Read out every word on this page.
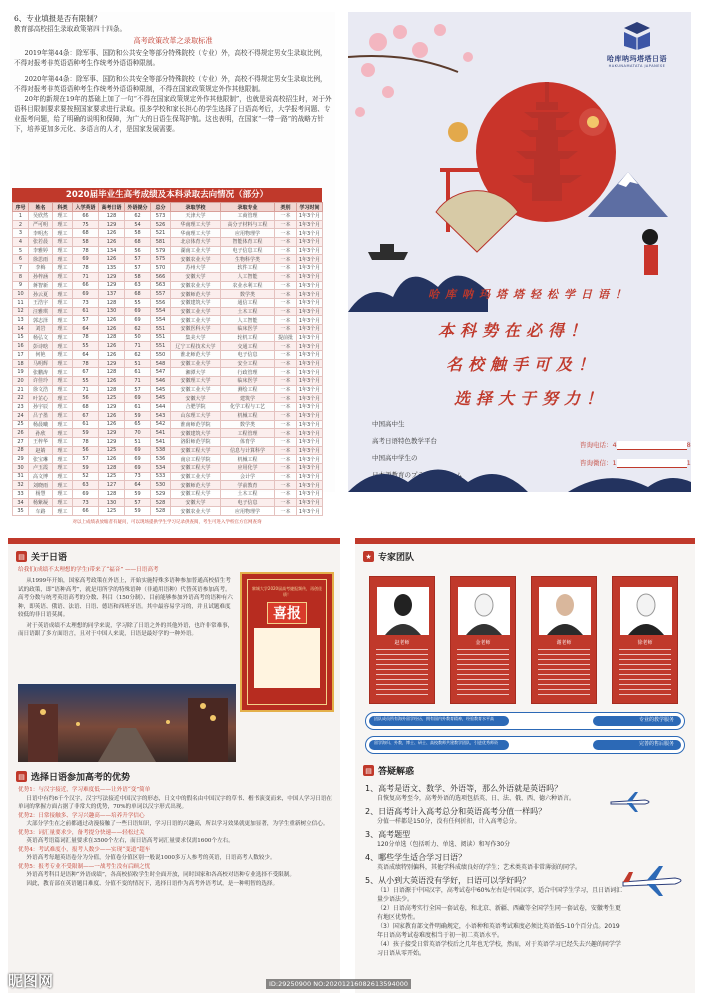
6、专业填报是否有限制？
教育部高校招生录取政策第四十四条。
高考政策改革之录取标准

2019年第44条：除军事、国防和公共安全等部分特殊院校（专业）外，高校不得规定男女生录取比例，不得对报考非英语语种考生作统考外语语种限制。

2020年第44条：除军事、国防和公共安全等部分特殊院校（专业）外，高校不得规定男女生录取比例，不得对报考非英语语种考生作统考外语语种限制，不得在国家政策规定外作其他限制。

20年的新规在19年的基础上加了一句“不得在国家政策规定外作其他限制”，也就是说高校招生时，对于外语科目限制要求要按照国家要求进行录取。很多学校和家长担心的学生选择了日语高考后，大学报考问题、专业报考问题，给了明确的说明和保障，为广大的日语生保驾护航。这也表明，在国家“一带一路”的战略方针下，培养更加多元化、多语言的人才，是国家发展需要。

2020届毕业生高考成绩及本科录取去向情况（部分）
序号	姓名	科类	入学英语	高考日语	外语提分	总分	录取学校	录取专业	类别	学习时间
1	吴欣然	理工	66	128	62	573	天津大学	工商管理	一本	1年3个月
2	严可明	理工	75	129	54	526	华南理工大学	高分子材料与工程	一本	1年3个月
3	李明杰	理工	68	126	58	521	华南理工大学	应用物理学	一本	1年3个月
4	张若晨	理工	58	126	68	581	北京体育大学	智能体育工程	一本	1年3个月
5	李雅婷	理工	78	134	56	579	湖南工业大学	电子信息工程	一本	1年3个月
6	徐思雨	理工	69	126	57	575	安徽农业大学	生物科学类	一本	1年3个月
7	李梅	理工	78	135	57	570	苏州大学	软件工程	一本	1年3个月
8	孙梓涵	理工	71	129	58	566	安徽大学	人工智能	一本	1年3个月
9	蒋智新	理工	66	129	63	563	安徽农业大学	农业水利工程	一本	1年3个月
10	孙云夏	理工	69	137	68	557	安徽师范大学	数学类	一本	1年3个月
11	王浩宇	理工	73	128	55	556	安徽建筑大学	通信工程	一本	1年3个月
12	汪雅琪	理工	61	130	69	554	安徽工业大学	土木工程	一本	1年3个月
13	郭志泽	理工	57	126	69	554	安徽工业大学	人工智能	一本	1年3个月
14	刘岩	理工	64	126	62	551	安徽医科大学	临床医学	一本	1年3个月
15	杨弘文	理工	78	128	50	551	集美大学	轮机工程	提前批	1年3个月
16	彭诗晗	理工	55	126	71	551	辽宁工程技术大学	交通工程	一本	1年3个月
17	何艳	理工	64	126	62	550	淮北师范大学	电子信息	一本	1年3个月
18	马明辉	理工	78	129	51	548	安徽工业大学	安全工程	一本	1年3个月
19	张鹏涛	理工	67	128	61	547	湘潭大学	行政管理	一本	1年3个月
20	许佳玲	理工	55	126	71	546	安徽理工大学	临床医学	一本	1年3个月
21	徐文浩	理工	71	128	57	545	安徽工业大学	测绘工程	一本	1年3个月
22	叶芷心	理工	56	125	69	545	安徽大学	建筑学	一本	1年3个月
23	孙宇辰	理工	68	129	61	544	合肥学院	化学工程与工艺	一本	1年3个月
24	吕子墨	理工	67	126	59	543	山东理工大学	机械工程	一本	1年3个月
25	杨晨曦	理工	61	126	65	542	淮南师范学院	数学类	一本	1年3个月
26	孙欣	理工	59	129	70	541	安徽建筑大学	工程管理	一本	1年3个月
27	王梓华	理工	78	129	51	541	洛阳师范学院	体育学	一本	1年3个月
28	赵婧	理工	56	125	69	538	安徽工程大学	信息与计算科学	一本	1年3个月
29	张宝琳	理工	57	126	69	536	南京工程学院	机械工程	一本	1年3个月
30	卢玉霞	理工	59	128	69	534	安徽工程大学	应用化学	一本	1年3个月
31	高文博	理工	52	125	73	533	安徽工业大学	会计学	一本	1年3个月
32	刘晓雨	理工	63	127	64	530	安徽师范大学	学前教育	一本	1年3个月
33	杨慧	理工	69	128	59	529	安徽工程大学	土木工程	一本	1年3个月
34	杨紫凝	理工	73	130	57	528	安徽大学	电子信息	一本	1年3个月
35	车路	理工	66	125	59	528	安徽农业大学	应用物理学	一本	1年3个月
对以上成绩表放缩者有疑问，可以现场提供学生学习记录供查阅，考生可进入学校官方官网查询
哈库呐玛塔塔日语
HAKUNAMATATA JAPANESE
哈库呐玛塔塔轻松学日语！
本科势在必得！
名校触手可及！
选择大于努力！
中国高中生
高考日语特色教学平台
中国高中学生の
日本語教育のプラットフォーム
咨询电话：4	8
咨询微信：1	1
▤ 关于日语
给我们(成绩不太理想的学生)带来了“福音” ——日语高考

从1999年开始，国家高考政策在外语上，开始实施特殊多语种参加普通高校招生考试的政策，即“语种高考”，就是用所学的特殊语种（非通用语种）代替英语参加高考。高考分数与统考英语高考的分数、科目（150分制）、目前能够参加外语高考的语种有六种，即英语、俄语、法语、日语、德语和西班牙语。其中最容易学习的，并且试题难度较低的非日语莫属。

对于英语成绩不太理想的同学来说，学习除了日语之外的其他外语，也许非常难事，而日语跟了多方面语言，且对于中国人来说，日语是最好学的一种外语。

黎城大学2020届高考捷报频传，再创佳绩！
喜报
▤ 选择日语参加高考的优势
优势1：与汉字接近，学习难度低——让外语“变”简单

日语中有约6千个汉字，汉字写法接近中国汉字的形态，日文中的假名由中国汉字的草书、楷书演变而来，中国人学习日语在单词的掌握方面占据了非常大的优势，70%的单词以汉字形式出现。

优势2：日常接触多、学习兴趣高——培养升学信心

大部分学生在之前都通过动漫接触了一些日语知识，学习日语的兴趣高，所以学习效果就更加显著，为学生重新树立信心。

优势3：词汇量要求少，备考提分快速——轻松过关

英语高考语篇词汇量要求在3500个左右，而日语高考词汇量要求仅需1600个左右。

优势4：考试难度小，报考人数少——实现“变道”超车

外语高考每题英语卷分为分值，分值卷分值区别一般说1000多万人参考的英语，日语高考人数较少。

优势5：报考专业不受限制——一战考生没有后顾之忧

外语高考科目是语种“外语成绩”，各高校招收学生时全面开放，同时国家和各高校对语种专业选择不受限制。

因此，教育部在英语题目难度、分值不变的情况下，选择日语作为高考外语考试，是一种明智的选择。

★ 专家团队
赵老师	金老师	谢老师	徐老师
团队成员所有海外留学经历，拥有国内外教育精神，经验教育水平高	专业的教学服务
留学海归、外教，博士、研士、高校教师共建教学团队，引进优秀师资	完善的售后服务
▤ 答疑解惑
1、高考是语文、数学、外语等，那么外语就是英语吗？
自恢复高考至今，高考外语的选项包括英、日、法、俄、西、德六种语言。
2、日语高考计入高考总分和英语高考分值一样吗？
分值一样都是150分，没有任何折扣，计入高考总分。
3、高考题型
120分单选（包括听力、单选、阅读）和写作30分
4、哪些学生适合学习日语？
英语成绩特别偏科，其他学科成绩良好的学生；艺术类英语非常薄弱的同学。
5、从小到大英语没有学好，日语可以学好吗？
（1）日语源于中国汉字，高考试卷中60%左右是中国汉字，适合中国学生学习，且日语词汇量少语法少。
（2）日语高考实行全国一套试卷，和北京、新疆、西藏等全国学生同一套试卷，安徽考生更有地区优势性。
（3）国家教育部文件明确规定，小语种和英语考试难度必须比英语低5-10个百分点。2019年日语高考试卷难度相当于初一初二英语水平。
（4）孩子接受日常英语学校后之几年也无学校，然而，对于英语学习已经失去兴趣的同学学习日语从零开始。
昵图网	ID:29250900 NO:20201216082613594000
